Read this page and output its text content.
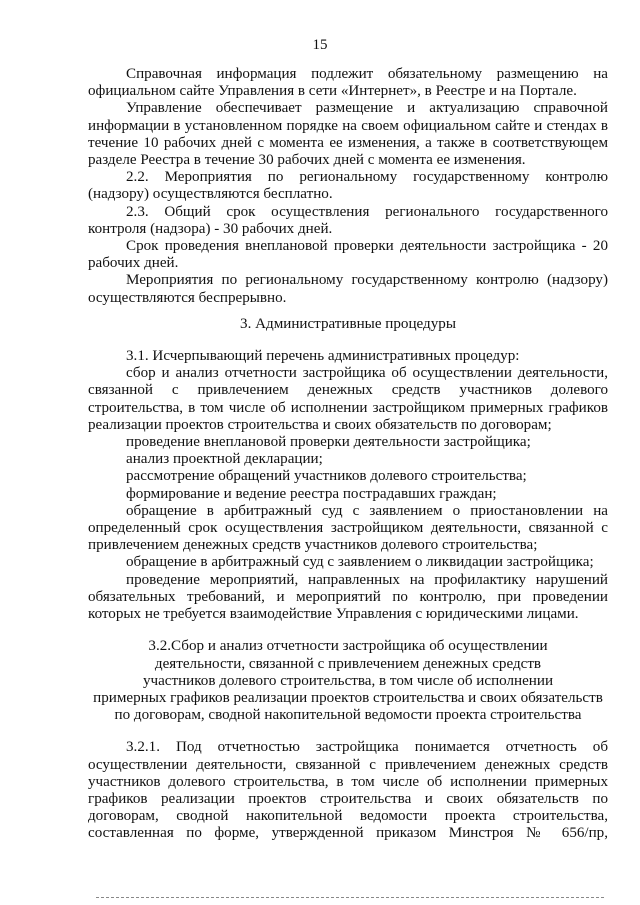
15

Справочная информация подлежит обязательному размещению на официальном сайте Управления в сети «Интернет», в Реестре и на Портале.

Управление обеспечивает размещение и актуализацию справочной информации в установленном порядке на своем официальном сайте и стендах в течение 10 рабочих дней с момента ее изменения, а также в соответствующем разделе Реестра в течение 30 рабочих дней с момента ее изменения.

2.2. Мероприятия по региональному государственному контролю (надзору) осуществляются бесплатно.

2.3. Общий срок осуществления регионального государственного контроля (надзора) - 30 рабочих дней.

Срок проведения внеплановой проверки деятельности застройщика - 20 рабочих дней.

Мероприятия по региональному государственному контролю (надзору) осуществляются беспрерывно.

3. Административные процедуры

3.1. Исчерпывающий перечень административных процедур:

сбор и анализ отчетности застройщика об осуществлении деятельности, связанной с привлечением денежных средств участников долевого строительства, в том числе об исполнении застройщиком примерных графиков реализации проектов строительства и своих обязательств по договорам;

проведение внеплановой проверки деятельности застройщика;

анализ проектной декларации;

рассмотрение обращений участников долевого строительства;

формирование и ведение реестра пострадавших граждан;

обращение в арбитражный суд с заявлением о приостановлении на определенный срок осуществления застройщиком деятельности, связанной с привлечением денежных средств участников долевого строительства;

обращение в арбитражный суд с заявлением о ликвидации застройщика;

проведение мероприятий, направленных на профилактику нарушений обязательных требований, и мероприятий по контролю, при проведении которых не требуется взаимодействие Управления с юридическими лицами.

3.2.Сбор и анализ отчетности застройщика об осуществлении

деятельности, связанной с привлечением денежных средств

участников долевого строительства, в том числе об исполнении

примерных графиков реализации проектов строительства и своих обязательств

по договорам, сводной накопительной ведомости проекта строительства

3.2.1. Под отчетностью застройщика понимается отчетность об осуществлении деятельности, связанной с привлечением денежных средств участников долевого строительства, в том числе об исполнении примерных графиков реализации проектов строительства и своих обязательств по договорам, сводной накопительной ведомости проекта строительства, составленная по форме, утвержденной приказом Минстроя № 656/пр,
